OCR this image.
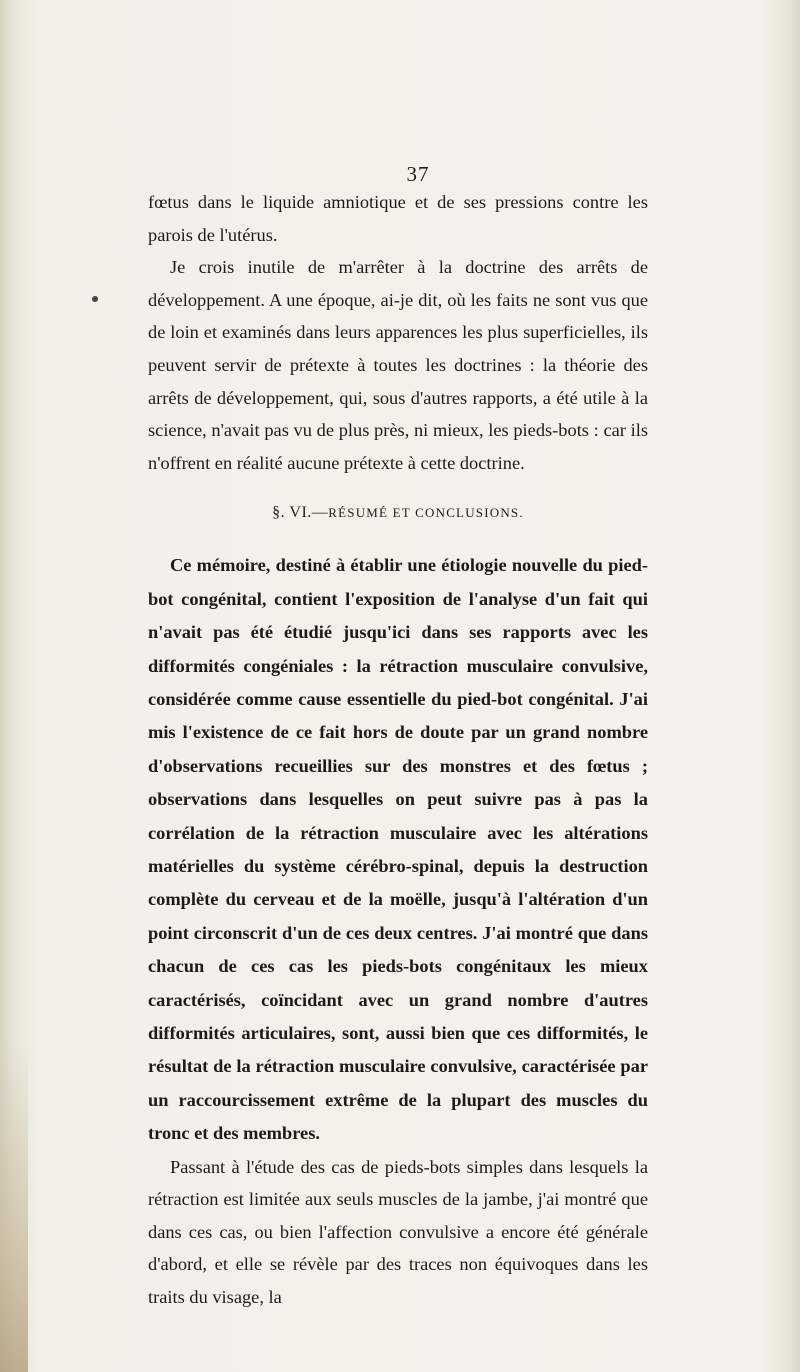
37

fœtus dans le liquide amniotique et de ses pressions contre les parois de l'utérus.

Je crois inutile de m'arrêter à la doctrine des arrêts de développement. A une époque, ai-je dit, où les faits ne sont vus que de loin et examinés dans leurs apparences les plus superficielles, ils peuvent servir de prétexte à toutes les doctrines : la théorie des arrêts de développement, qui, sous d'autres rapports, a été utile à la science, n'avait pas vu de plus près, ni mieux, les pieds-bots : car ils n'offrent en réalité aucune prétexte à cette doctrine.

§. VI.—RÉSUMÉ ET CONCLUSIONS.

Ce mémoire, destiné à établir une étiologie nouvelle du pied-bot congénital, contient l'exposition de l'analyse d'un fait qui n'avait pas été étudié jusqu'ici dans ses rapports avec les difformités congéniales : la rétraction musculaire convulsive, considérée comme cause essentielle du pied-bot congénital. J'ai mis l'existence de ce fait hors de doute par un grand nombre d'observations recueillies sur des monstres et des fœtus ; observations dans lesquelles on peut suivre pas à pas la corrélation de la rétraction musculaire avec les altérations matérielles du système cérébro-spinal, depuis la destruction complète du cerveau et de la moëlle, jusqu'à l'altération d'un point circonscrit d'un de ces deux centres. J'ai montré que dans chacun de ces cas les pieds-bots congénitaux les mieux caractérisés, coïncidant avec un grand nombre d'autres difformités articulaires, sont, aussi bien que ces difformités, le résultat de la rétraction musculaire convulsive, caractérisée par un raccourcissement extrême de la plupart des muscles du tronc et des membres.

Passant à l'étude des cas de pieds-bots simples dans lesquels la rétraction est limitée aux seuls muscles de la jambe, j'ai montré que dans ces cas, ou bien l'affection convulsive a encore été générale d'abord, et elle se révèle par des traces non équivoques dans les traits du visage, la
